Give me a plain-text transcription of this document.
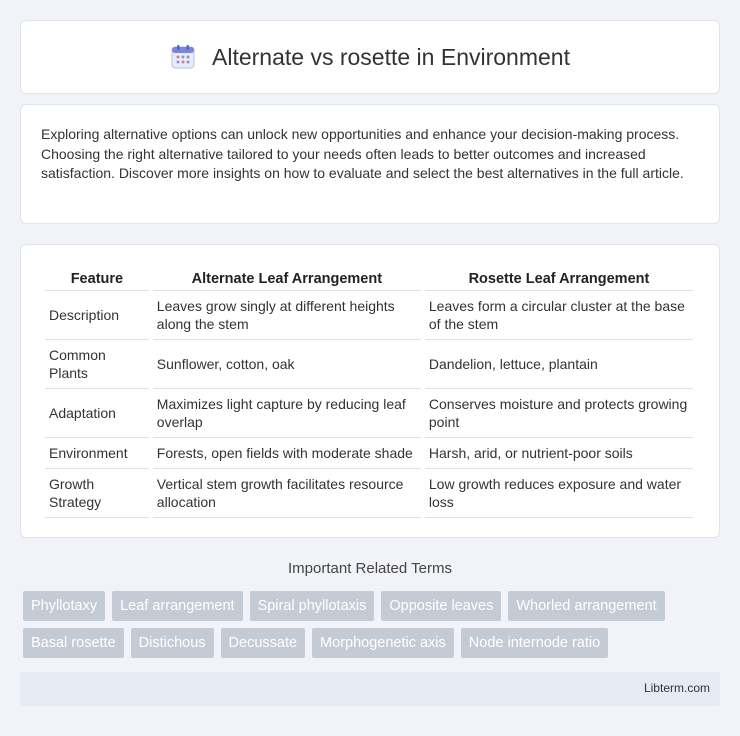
Alternate vs rosette in Environment

Exploring alternative options can unlock new opportunities and enhance your decision-making process. Choosing the right alternative tailored to your needs often leads to better outcomes and increased satisfaction. Discover more insights on how to evaluate and select the best alternatives in the full article.

Feature	Alternate Leaf Arrangement	Rosette Leaf Arrangement
Description	Leaves grow singly at different heights along the stem	Leaves form a circular cluster at the base of the stem
Common Plants	Sunflower, cotton, oak	Dandelion, lettuce, plantain
Adaptation	Maximizes light capture by reducing leaf overlap	Conserves moisture and protects growing point
Environment	Forests, open fields with moderate shade	Harsh, arid, or nutrient-poor soils
Growth Strategy	Vertical stem growth facilitates resource allocation	Low growth reduces exposure and water loss
Important Related Terms
Phyllotaxy	Leaf arrangement	Spiral phyllotaxis	Opposite leaves	Whorled arrangement
Basal rosette	Distichous	Decussate	Morphogenetic axis	Node internode ratio
Libterm.com
